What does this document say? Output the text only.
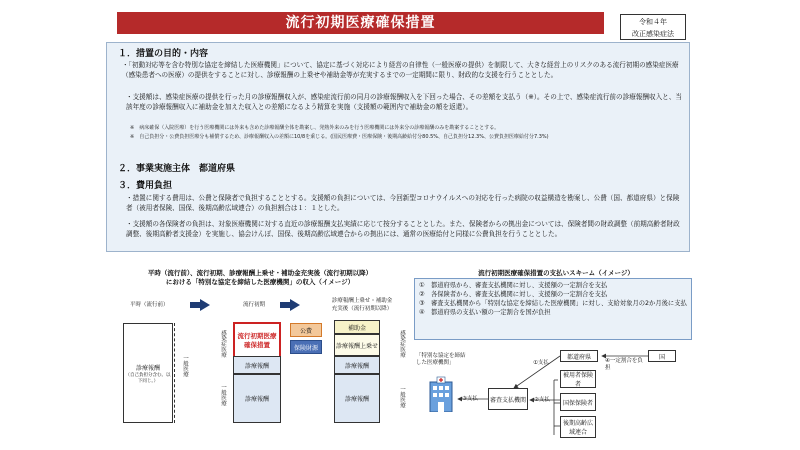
流行初期医療確保措置	令和４年
改正感染症法
１．措置の目的・内容
・「初動対応等を含む特別な協定を締結した医療機関」について、協定に基づく対応により経営の自律性（一般医療の提供）を制限して、大きな経営上のリスクのある流行初期の感染症医療（感染患者への医療）の提供をすることに対し、診療報酬の上乗せや補助金等が充実するまでの一定期間に限り、財政的な支援を行うこととした。
・支援額は、感染症医療の提供を行った月の診療報酬収入が、感染症流行前の同月の診療報酬収入を下回った場合、その差額を支払う（※）。その上で、感染症流行前の診療報酬収入と、当該年度の診療報酬収入に補助金を加えた収入との差額になるよう精算を実施（支援額の範囲内で補助金の額を返還）。
※　病床確保（入院医療）を行う医療機関には外来も含めた診療報酬全体を勘案し、発熱外来のみを行う医療機関には外来分の診療報酬のみを勘案することとする。
※　自己負担分・公費負担医療分も補償するため、診療報酬収入の差額に10/8を乗じる。(国民医療費・医療保険・後期高齢給付分80.5%、自己負担分12.3%、公費負担医療給付分7.3%)
２．事業実施主体　都道府県
３．費用負担
・措置に関する費用は、公費と保険者で負担することとする。支援額の負担については、今回新型コロナウイルスへの対応を行った病院の収益構造を勘案し、公費（国、都道府県）と保険者（被用者保険、国保、後期高齢広域連合）の負担割合は１：１とした。
・支援額の各保険者の負担は、対象医療機関に対する直近の診療報酬支払実績に応じて按分することとした。また、保険者からの拠出金については、保険者間の財政調整（前期高齢者財政調整、後期高齢者支援金）を実施し、協会けんぽ、国保、後期高齢広域連合からの拠出には、通常の医療給付と同様に公費負担を行うこととした。
平時（流行前）、流行初期、診療報酬上乗せ・補助金充実後（流行初期以降）
における「特別な協定を締結した医療機関」の収入（イメージ）
平時（流行前）	流行初期
診療報酬上乗せ・補助金
充実後（流行初期以降）
診療報酬
（自己負担分含む。以下同じ。）
一般医療
流行初期医療確保措置
診療報酬
診療報酬
感染症医療
一般医療
公費
保険財源
補助金
診療報酬上乗せ
診療報酬
診療報酬
感染症医療
一般医療
流行初期医療確保措置の支払いスキーム（イメージ）
①　都道府県から、審査支払機関に対し、支援額の一定割合を支払
②　各保険者から、審査支払機関に対し、支援額の一定割合を支払
③　審査支払機関から「特別な協定を締結した医療機関」に対し、支給対象月の2か月後に支払
④　都道府県の支払い額の一定割合を国が負担
「特別な協定を締結した医療機関」
審査支払機関
都道府県	国
被用者保険者
国保保険者
後期高齢広域連合
③支払
①支払
②支払
④一定割合を負担
